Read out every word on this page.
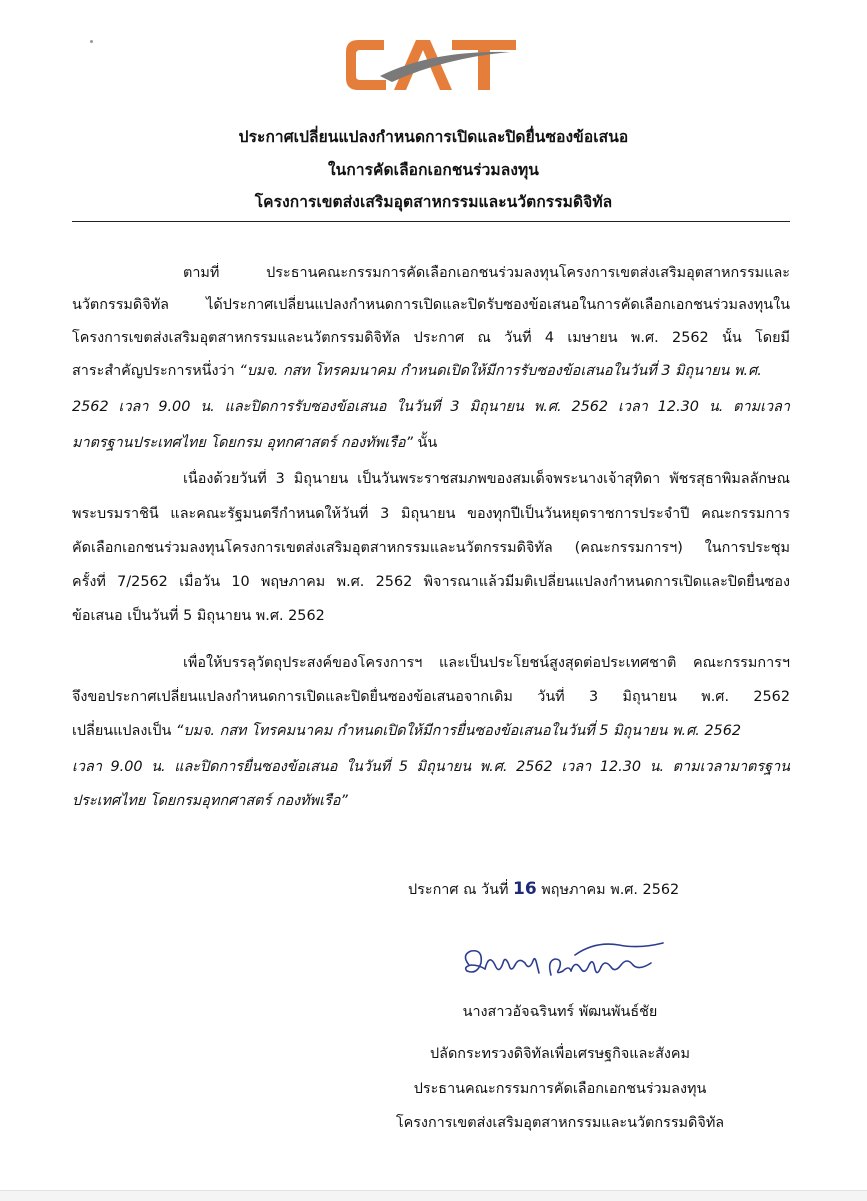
ประกาศเปลี่ยนแปลงกำหนดการเปิดและปิดยื่นซองข้อเสนอ
ในการคัดเลือกเอกชนร่วมลงทุน
โครงการเขตส่งเสริมอุตสาหกรรมและนวัตกรรมดิจิทัล
ตามที่ ประธานคณะกรรมการคัดเลือกเอกชนร่วมลงทุนโครงการเขตส่งเสริมอุตสาหกรรมและ
นวัตกรรมดิจิทัล ได้ประกาศเปลี่ยนแปลงกำหนดการเปิดและปิดรับซองข้อเสนอในการคัดเลือกเอกชนร่วมลงทุนใน
โครงการเขตส่งเสริมอุตสาหกรรมและนวัตกรรมดิจิทัล ประกาศ ณ วันที่ 4 เมษายน พ.ศ. 2562 นั้น โดยมี
สาระสำคัญประการหนึ่งว่า “บมจ. กสท โทรคมนาคม กำหนดเปิดให้มีการรับซองข้อเสนอในวันที่ 3 มิถุนายน พ.ศ.
2562 เวลา 9.00 น. และปิดการรับซองข้อเสนอ ในวันที่ 3 มิถุนายน พ.ศ. 2562 เวลา 12.30 น. ตามเวลา
มาตรฐานประเทศไทย โดยกรม อุทกศาสตร์ กองทัพเรือ” นั้น
เนื่องด้วยวันที่ 3 มิถุนายน เป็นวันพระราชสมภพของสมเด็จพระนางเจ้าสุทิดา พัชรสุธาพิมลลักษณ
พระบรมราชินี และคณะรัฐมนตรีกำหนดให้วันที่ 3 มิถุนายน ของทุกปีเป็นวันหยุดราชการประจำปี คณะกรรมการ
คัดเลือกเอกชนร่วมลงทุนโครงการเขตส่งเสริมอุตสาหกรรมและนวัตกรรมดิจิทัล (คณะกรรมการฯ) ในการประชุม
ครั้งที่ 7/2562 เมื่อวัน 10 พฤษภาคม พ.ศ. 2562 พิจารณาแล้วมีมติเปลี่ยนแปลงกำหนดการเปิดและปิดยื่นซอง
ข้อเสนอ เป็นวันที่ 5 มิถุนายน พ.ศ. 2562
เพื่อให้บรรลุวัตถุประสงค์ของโครงการฯ และเป็นประโยชน์สูงสุดต่อประเทศชาติ คณะกรรมการฯ
จึงขอประกาศเปลี่ยนแปลงกำหนดการเปิดและปิดยื่นซองข้อเสนอจากเดิม วันที่ 3 มิถุนายน พ.ศ. 2562
เปลี่ยนแปลงเป็น “บมจ. กสท โทรคมนาคม กำหนดเปิดให้มีการยื่นซองข้อเสนอในวันที่ 5 มิถุนายน พ.ศ. 2562
เวลา 9.00 น. และปิดการยื่นซองข้อเสนอ ในวันที่ 5 มิถุนายน พ.ศ. 2562 เวลา 12.30 น. ตามเวลามาตรฐาน
ประเทศไทย โดยกรมอุทกศาสตร์ กองทัพเรือ”
ประกาศ ณ วันที่ 16 พฤษภาคม พ.ศ. 2562
นางสาวอัจฉรินทร์ พัฒนพันธ์ชัย
ปลัดกระทรวงดิจิทัลเพื่อเศรษฐกิจและสังคม
ประธานคณะกรรมการคัดเลือกเอกชนร่วมลงทุน
โครงการเขตส่งเสริมอุตสาหกรรมและนวัตกรรมดิจิทัล
